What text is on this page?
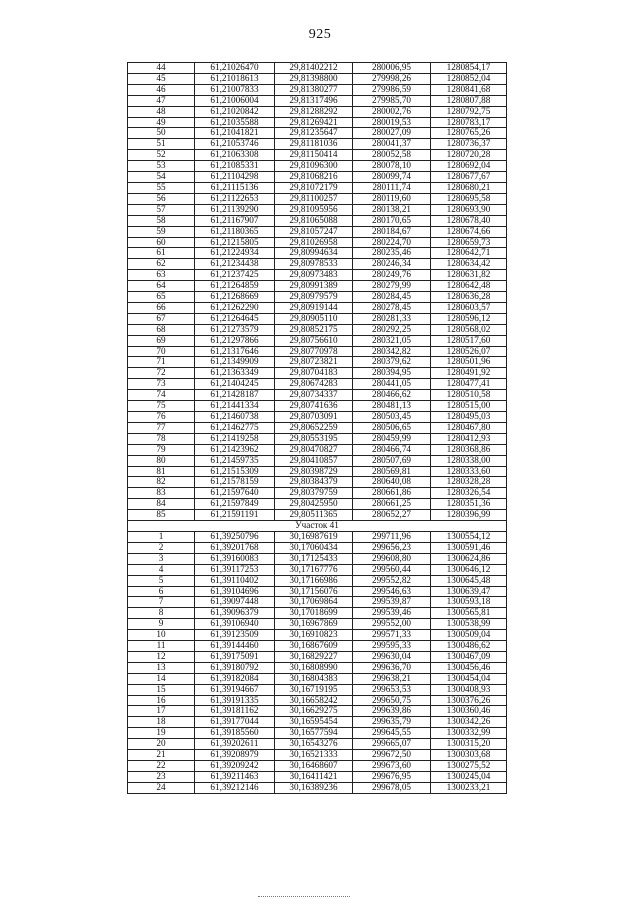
925
44	61,21026470	29,81402212	280006,95	1280854,17
45	61,21018613	29,81398800	279998,26	1280852,04
46	61,21007833	29,81380277	279986,59	1280841,68
47	61,21006004	29,81317496	279985,70	1280807,88
48	61,21020842	29,81288292	280002,76	1280792,75
49	61,21035588	29,81269421	280019,53	1280783,17
50	61,21041821	29,81235647	280027,09	1280765,26
51	61,21053746	29,81181036	280041,37	1280736,37
52	61,21063308	29,81150414	280052,58	1280720,28
53	61,21085331	29,81096300	280078,10	1280692,04
54	61,21104298	29,81068216	280099,74	1280677,67
55	61,21115136	29,81072179	280111,74	1280680,21
56	61,21122653	29,81100257	280119,60	1280695,58
57	61,21139290	29,81095956	280138,21	1280693,90
58	61,21167907	29,81065088	280170,65	1280678,40
59	61,21180365	29,81057247	280184,67	1280674,66
60	61,21215805	29,81026958	280224,70	1280659,73
61	61,21224934	29,80994634	280235,46	1280642,71
62	61,21234438	29,80978533	280246,34	1280634,42
63	61,21237425	29,80973483	280249,76	1280631,82
64	61,21264859	29,80991389	280279,99	1280642,48
65	61,21268669	29,80979579	280284,45	1280636,28
66	61,21262290	29,80919144	280278,45	1280603,57
67	61,21264645	29,80905110	280281,33	1280596,12
68	61,21273579	29,80852175	280292,25	1280568,02
69	61,21297866	29,80756610	280321,05	1280517,60
70	61,21317646	29,80770978	280342,82	1280526,07
71	61,21349909	29,80723821	280379,62	1280501,96
72	61,21363349	29,80704183	280394,95	1280491,92
73	61,21404245	29,80674283	280441,05	1280477,41
74	61,21428187	29,80734337	280466,62	1280510,58
75	61,21441334	29,80741636	280481,13	1280515,00
76	61,21460738	29,80703091	280503,45	1280495,03
77	61,21462775	29,80652259	280506,65	1280467,80
78	61,21419258	29,80553195	280459,99	1280412,93
79	61,21423962	29,80470827	280466,74	1280368,86
80	61,21459735	29,80410857	280507,69	1280338,00
81	61,21515309	29,80398729	280569,81	1280333,60
82	61,21578159	29,80384379	280640,08	1280328,28
83	61,21597640	29,80379759	280661,86	1280326,54
84	61,21597849	29,80425950	280661,25	1280351,36
85	61,21591191	29,80511365	280652,27	1280396,99
Участок 41				
1	61,39250796	30,16987619	299711,96	1300554,12
2	61,39201768	30,17060434	299656,23	1300591,46
3	61,39160083	30,17125433	299608,80	1300624,86
4	61,39117253	30,17167776	299560,44	1300646,12
5	61,39110402	30,17166986	299552,82	1300645,48
6	61,39104696	30,17156076	299546,63	1300639,47
7	61,39097448	30,17069864	299539,87	1300593,18
8	61,39096379	30,17018699	299539,46	1300565,81
9	61,39106940	30,16967869	299552,00	1300538,99
10	61,39123509	30,16910823	299571,33	1300509,04
11	61,39144460	30,16867609	299595,33	1300486,62
12	61,39175091	30,16829227	299630,04	1300467,09
13	61,39180792	30,16808990	299636,70	1300456,46
14	61,39182084	30,16804383	299638,21	1300454,04
15	61,39194667	30,16719195	299653,53	1300408,93
16	61,39191335	30,16658242	299650,75	1300376,26
17	61,39181162	30,16629275	299639,86	1300360,46
18	61,39177044	30,16595454	299635,79	1300342,26
19	61,39185560	30,16577594	299645,55	1300332,99
20	61,39202611	30,16543276	299665,07	1300315,20
21	61,39208979	30,16521333	299672,50	1300303,68
22	61,39209242	30,16468607	299673,60	1300275,52
23	61,39211463	30,16411421	299676,95	1300245,04
24	61,39212146	30,16389236	299678,05	1300233,21
